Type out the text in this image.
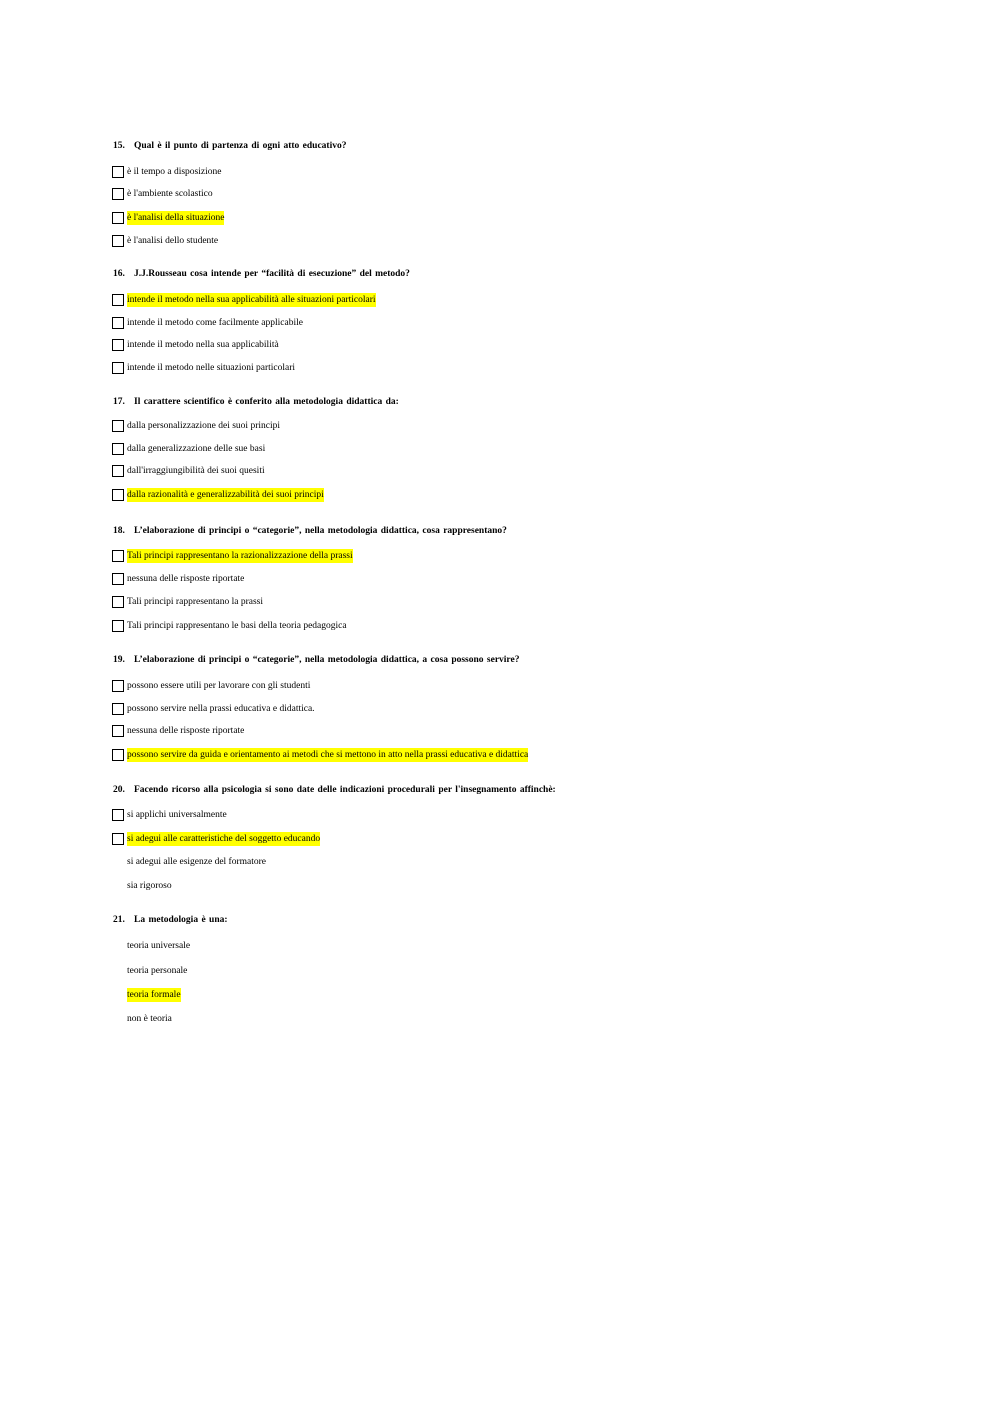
15. Qual è il punto di partenza di ogni atto educativo?
è il tempo a disposizione
è l'ambiente scolastico
è l'analisi della situazione
è l'analisi dello studente
16. J.J.Rousseau cosa intende per “facilità di esecuzione” del metodo?
intende il metodo nella sua applicabilità alle situazioni particolari
intende il metodo come facilmente applicabile
intende il metodo nella sua applicabilità
intende il metodo nelle situazioni particolari
17. Il carattere scientifico è conferito alla metodologia didattica da:
dalla personalizzazione dei suoi principi
dalla generalizzazione delle sue basi
dall'irraggiungibilità dei suoi quesiti
dalla razionalità e generalizzabilità dei suoi principi
18. L’elaborazione di principi o “categorie”, nella metodologia didattica, cosa rappresentano?
Tali principi rappresentano la razionalizzazione della prassi
nessuna delle risposte riportate
Tali principi rappresentano la prassi
Tali principi rappresentano le basi della teoria pedagogica
19. L’elaborazione di principi o “categorie”, nella metodologia didattica, a cosa possono servire?
possono essere utili per lavorare con gli studenti
possono servire nella prassi educativa e didattica.
nessuna delle risposte riportate
possono servire da guida e orientamento ai metodi che si mettono in atto nella prassi educativa e didattica
20. Facendo ricorso alla psicologia si sono date delle indicazioni procedurali per l'insegnamento affinchè:
si applichi universalmente
si adegui alle caratteristiche del soggetto educando
si adegui alle esigenze del formatore
sia rigoroso
21. La metodologia è una:
teoria universale
teoria personale
teoria formale
non è teoria
